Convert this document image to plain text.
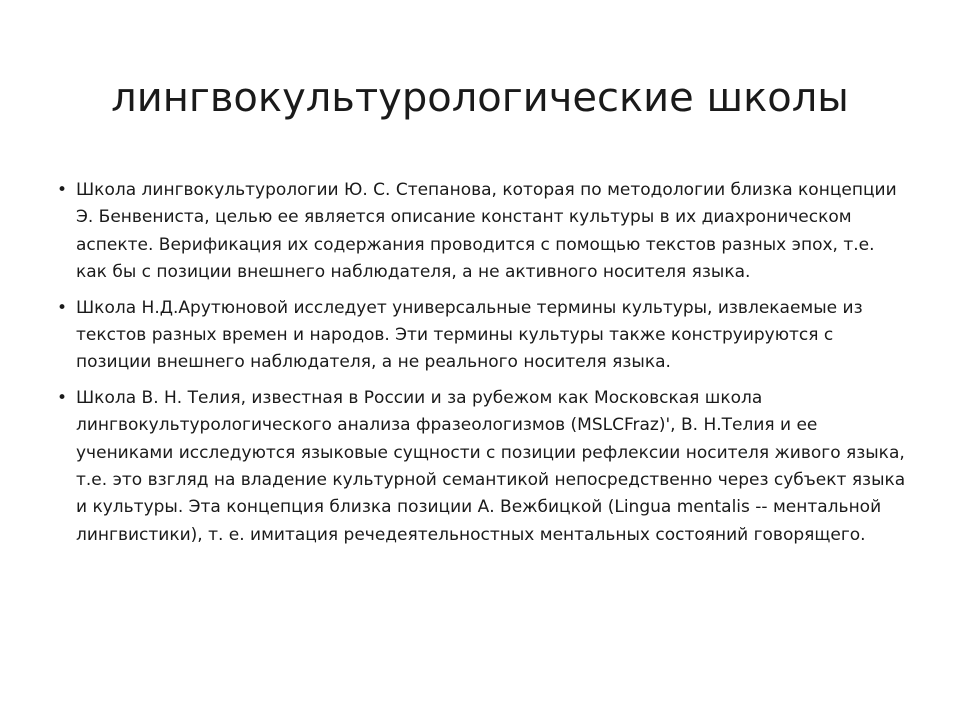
лингвокультурологические школы
• Школа лингвокультурологии Ю. С. Степанова, которая по методологии близка концепции Э. Бенвениста, целью ее является описание констант культуры в их диахроническом аспекте. Верификация их содержания проводится с помощью текстов разных эпох, т.е. как бы с позиции внешнего наблюдателя, а не активного носителя языка.
• Школа Н.Д.Арутюновой исследует универсальные термины культуры, извлекаемые из текстов разных времен и народов. Эти термины культуры также конструируются с позиции внешнего наблюдателя, а не реального носителя языка.
• Школа В. Н. Телия, известная в России и за рубежом как Московская школа лингвокультурологического анализа фразеологизмов (MSLCFraz)', В. Н.Телия и ее учениками исследуются языковые сущности с позиции рефлексии носителя живого языка, т.е. это взгляд на владение культурной семантикой непосредственно через субъект языка и культуры. Эта концепция близка позиции А. Вежбицкой (Lingua mentalis -- ментальной лингвистики), т. е. имитация речедеятельностных ментальных состояний говорящего.
